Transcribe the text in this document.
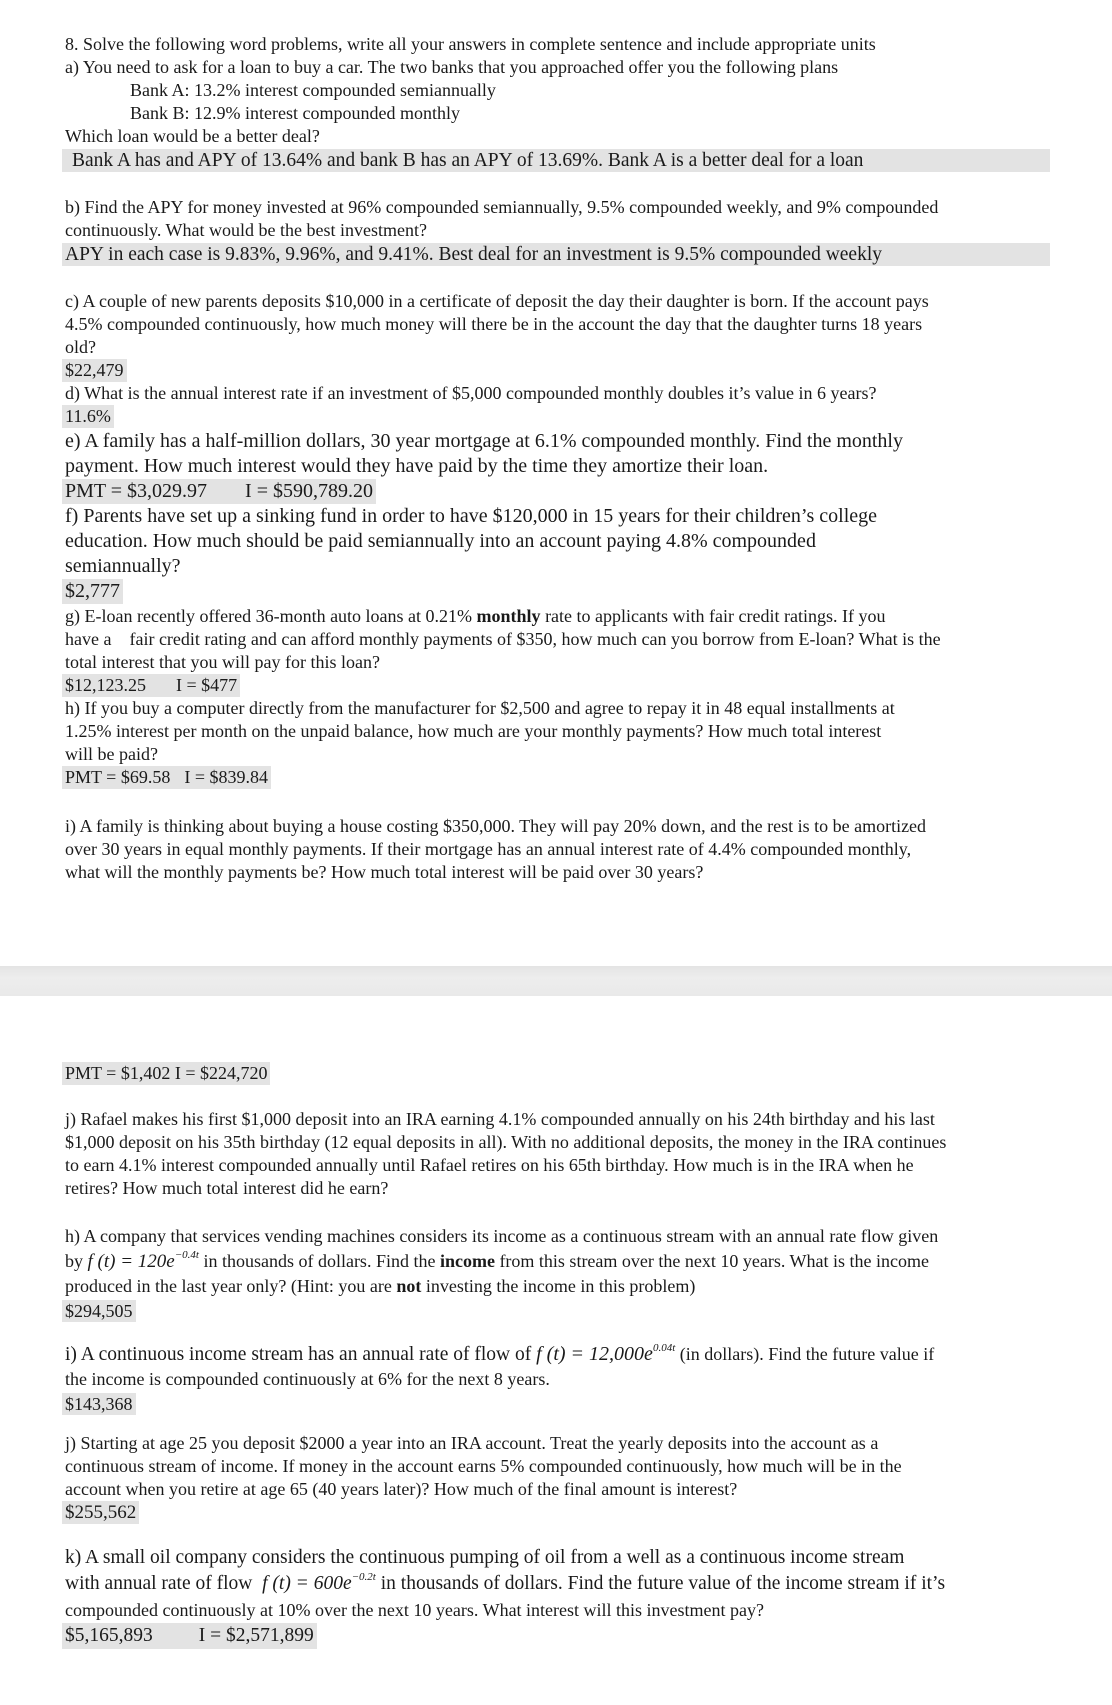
8. Solve the following word problems, write all your answers in complete sentence and include appropriate units
a) You need to ask for a loan to buy a car. The two banks that you approached offer you the following plans
Bank A: 13.2% interest compounded semiannually
Bank B: 12.9% interest compounded monthly
Which loan would be a better deal?
Bank A has and APY of 13.64% and bank B has an APY of 13.69%. Bank A is a better deal for a loan
b) Find the APY for money invested at 96% compounded semiannually, 9.5% compounded weekly, and 9% compounded
continuously. What would be the best investment?
APY in each case is 9.83%, 9.96%, and 9.41%. Best deal for an investment is 9.5% compounded weekly
c) A couple of new parents deposits $10,000 in a certificate of deposit the day their daughter is born. If the account pays
4.5% compounded continuously, how much money will there be in the account the day that the daughter turns 18 years
old?
$22,479
d) What is the annual interest rate if an investment of $5,000 compounded monthly doubles it’s value in 6 years?
11.6%
e) A family has a half-million dollars, 30 year mortgage at 6.1% compounded monthly. Find the monthly
payment. How much interest would they have paid by the time they amortize their loan.
PMT = $3,029.97 I = $590,789.20
f) Parents have set up a sinking fund in order to have $120,000 in 15 years for their children’s college
education. How much should be paid semiannually into an account paying 4.8% compounded
semiannually?
$2,777
g) E-loan recently offered 36-month auto loans at 0.21% monthly rate to applicants with fair credit ratings. If you
have a    fair credit rating and can afford monthly payments of $350, how much can you borrow from E-loan? What is the
total interest that you will pay for this loan?
$12,123.25 I = $477
h) If you buy a computer directly from the manufacturer for $2,500 and agree to repay it in 48 equal installments at
1.25% interest per month on the unpaid balance, how much are your monthly payments? How much total interest
will be paid?
PMT = $69.58 I = $839.84
i) A family is thinking about buying a house costing $350,000. They will pay 20% down, and the rest is to be amortized
over 30 years in equal monthly payments. If their mortgage has an annual interest rate of 4.4% compounded monthly,
what will the monthly payments be? How much total interest will be paid over 30 years?
PMT = $1,402 I = $224,720
j) Rafael makes his first $1,000 deposit into an IRA earning 4.1% compounded annually on his 24th birthday and his last
$1,000 deposit on his 35th birthday (12 equal deposits in all). With no additional deposits, the money in the IRA continues
to earn 4.1% interest compounded annually until Rafael retires on his 65th birthday. How much is in the IRA when he
retires? How much total interest did he earn?
h) A company that services vending machines considers its income as a continuous stream with an annual rate flow given
by f $(t) = 120e^{-0.4t}$ in thousands of dollars. Find the income from this stream over the next 10 years. What is the income
produced in the last year only? (Hint: you are not investing the income in this problem)
$294,505
i) A continuous income stream has an annual rate of flow of f $(t) = 12,000e^{0.04t}$ (in dollars). Find the future value if
the income is compounded continuously at 6% for the next 8 years.
$143,368
j) Starting at age 25 you deposit $2000 a year into an IRA account. Treat the yearly deposits into the account as a
continuous stream of income. If money in the account earns 5% compounded continuously, how much will be in the
account when you retire at age 65 (40 years later)? How much of the final amount is interest?
$255,562
k) A small oil company considers the continuous pumping of oil from a well as a continuous income stream
with annual rate of flow  f $(t) = 600e^{-0.2t}$ in thousands of dollars. Find the future value of the income stream if it’s
compounded continuously at 10% over the next 10 years. What interest will this investment pay?
$5,165,893 I = $2,571,899
